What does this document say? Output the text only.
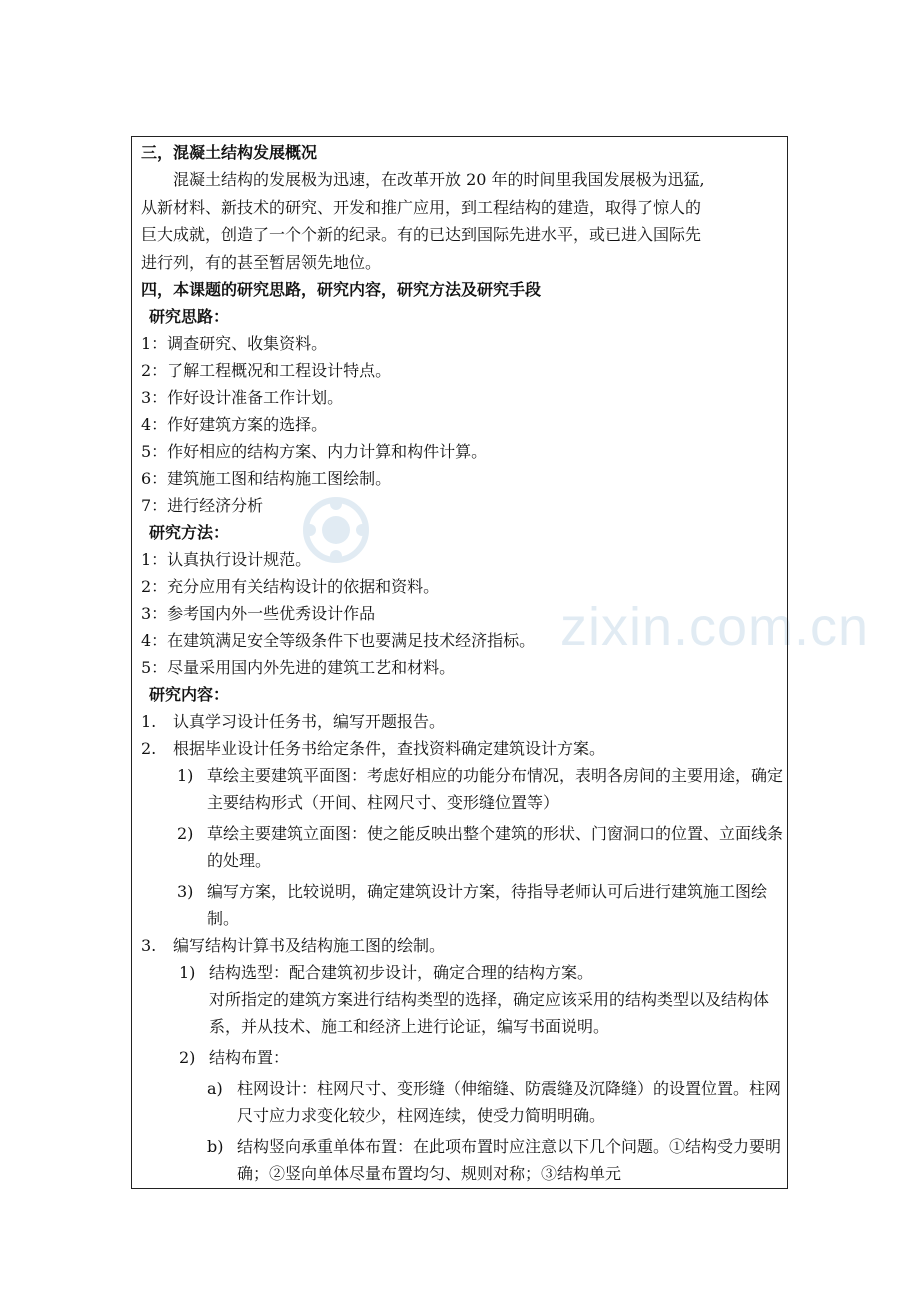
zixin.com.cn
三，混凝土结构发展概况
混凝土结构的发展极为迅速，在改革开放 20 年的时间里我国发展极为迅猛,
从新材料、新技术的研究、开发和推广应用，到工程结构的建造，取得了惊人的
巨大成就，创造了一个个新的纪录。有的已达到国际先进水平，或已进入国际先
进行列，有的甚至暂居领先地位。
四，本课题的研究思路，研究内容，研究方法及研究手段
研究思路：
1：调查研究、收集资料。
2：了解工程概况和工程设计特点。
3：作好设计准备工作计划。
4：作好建筑方案的选择。
5：作好相应的结构方案、内力计算和构件计算。
6：建筑施工图和结构施工图绘制。
7：进行经济分析
研究方法：
1：认真执行设计规范。
2：充分应用有关结构设计的依据和资料。
3：参考国内外一些优秀设计作品
4：在建筑满足安全等级条件下也要满足技术经济指标。
5：尽量采用国内外先进的建筑工艺和材料。
研究内容：
1. 认真学习设计任务书，编写开题报告。
2. 根据毕业设计任务书给定条件，查找资料确定建筑设计方案。
1) 草绘主要建筑平面图：考虑好相应的功能分布情况，表明各房间的主要用途，确定主要结构形式（开间、柱网尺寸、变形缝位置等）
2) 草绘主要建筑立面图：使之能反映出整个建筑的形状、门窗洞口的位置、立面线条的处理。
3) 编写方案，比较说明，确定建筑设计方案，待指导老师认可后进行建筑施工图绘制。
3. 编写结构计算书及结构施工图的绘制。
1) 结构选型：配合建筑初步设计，确定合理的结构方案。
对所指定的建筑方案进行结构类型的选择，确定应该采用的结构类型以及结构体系，并从技术、施工和经济上进行论证，编写书面说明。
2) 结构布置：
a) 柱网设计：柱网尺寸、变形缝（伸缩缝、防震缝及沉降缝）的设置位置。柱网尺寸应力求变化较少，柱网连续，使受力简明明确。
b) 结构竖向承重单体布置：在此项布置时应注意以下几个问题。①结构受力要明确；②竖向单体尽量布置均匀、规则对称；③结构单元
